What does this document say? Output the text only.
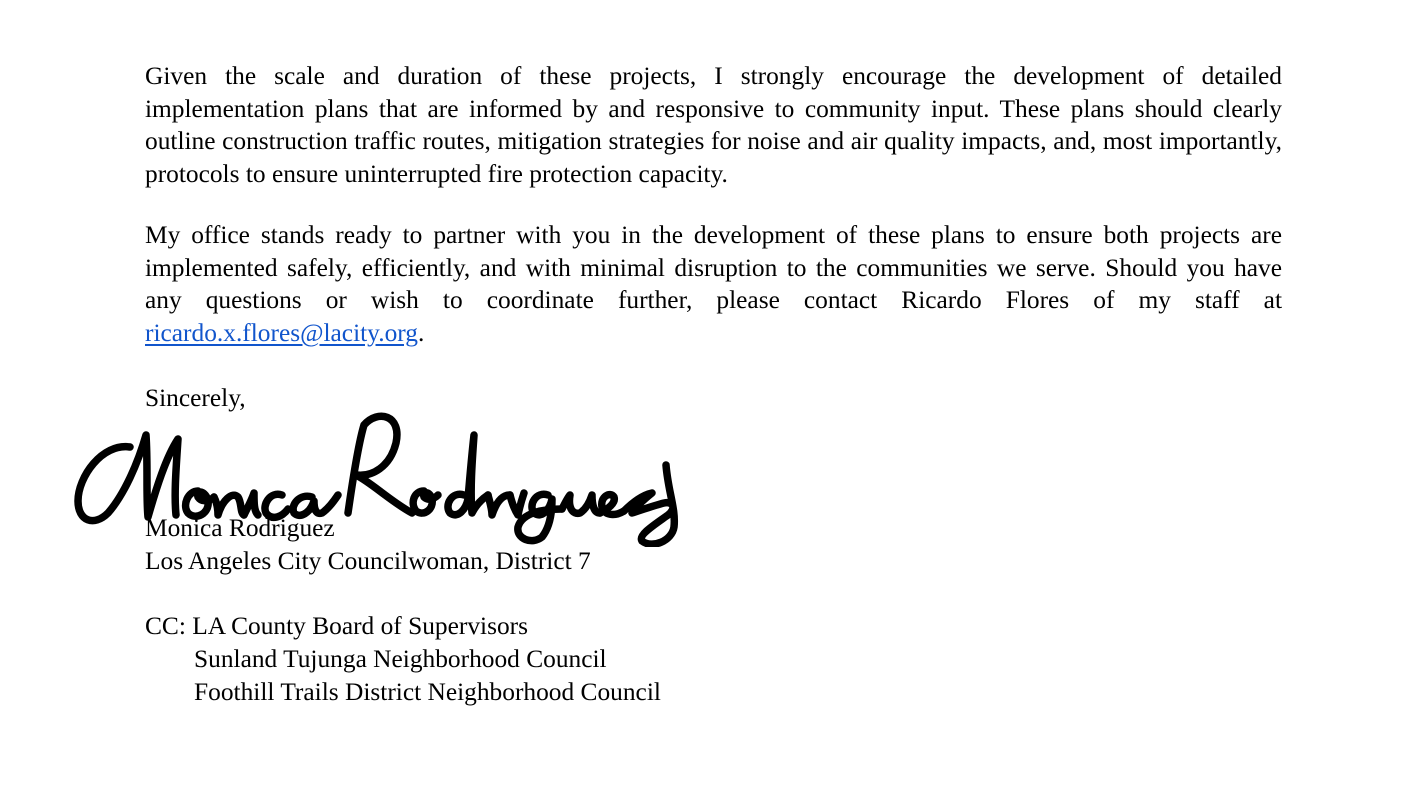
Given the scale and duration of these projects, I strongly encourage the development of detailed implementation plans that are informed by and responsive to community input. These plans should clearly outline construction traffic routes, mitigation strategies for noise and air quality impacts, and, most importantly, protocols to ensure uninterrupted fire protection capacity.

My office stands ready to partner with you in the development of these plans to ensure both projects are implemented safely, efficiently, and with minimal disruption to the communities we serve. Should you have any questions or wish to coordinate further, please contact Ricardo Flores of my staff at ricardo.x.flores@lacity.org.

Sincerely,

Monica Rodriguez

Los Angeles City Councilwoman, District 7

CC: LA County Board of Supervisors

Sunland Tujunga Neighborhood Council

Foothill Trails District Neighborhood Council
